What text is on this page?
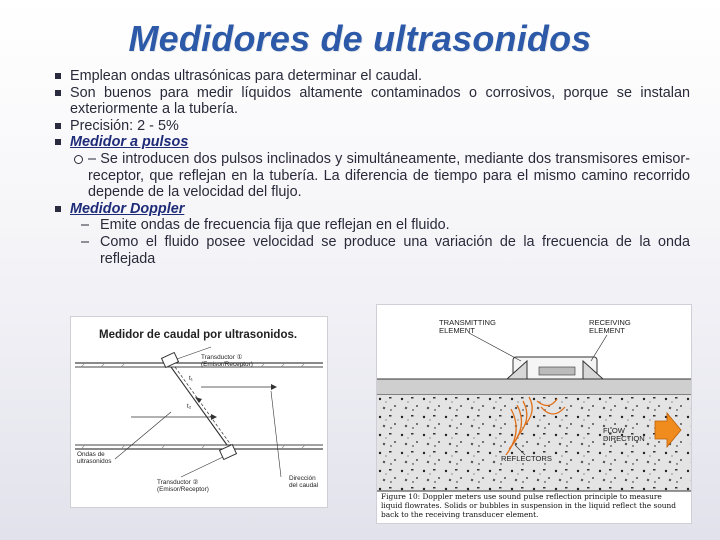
Medidores de ultrasonidos
Emplean ondas ultrasónicas para determinar el caudal.
Son buenos para medir líquidos altamente contaminados o corrosivos, porque se instalan exteriormente a la tubería.
Precisión: 2 - 5%
Medidor a pulsos
– Se introducen dos pulsos inclinados y simultáneamente, mediante dos transmisores emisor- receptor, que reflejan en la tubería. La diferencia de tiempo para el mismo camino recorrido depende de la velocidad del flujo.
Medidor Doppler
– Emite ondas de frecuencia fija que reflejan en el fluido.
– Como el fluido posee velocidad se produce una variación de la frecuencia de la onda reflejada
Medidor de caudal por ultrasonidos.
Transductor ①
(Emisor/Receptor)
t₁
t₂
Ondas de ultrasonidos
Transductor ②
(Emisor/Receptor)
Dirección del caudal
TRANSMITTING ELEMENT
RECEIVING ELEMENT
FLOW DIRECTION
REFLECTORS
Figure 10: Doppler meters use sound pulse reflection principle to measure liquid flowrates. Solids or bubbles in suspension in the liquid reflect the sound back to the receiving transducer element.
